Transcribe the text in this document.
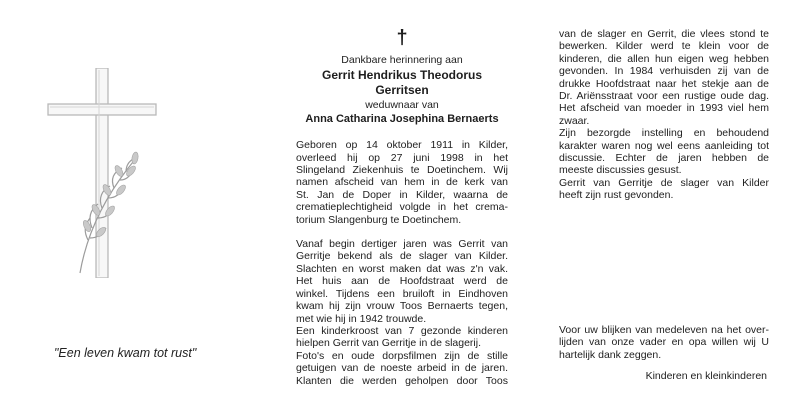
"Een leven kwam tot rust"
†

Dankbare herinnering aan

Gerrit Hendrikus Theodorus
Gerritsen

weduwnaar van

Anna Catharina Josephina Bernaerts

Geboren op 14 oktober 1911 in Kilder,
overleed hij op 27 juni 1998 in het
Slingeland Ziekenhuis te Doetinchem. Wij
namen afscheid van hem in de kerk van
St. Jan de Doper in Kilder, waarna de
crematieplechtigheid volgde in het crema-
torium Slangenburg te Doetinchem.
Vanaf begin dertiger jaren was Gerrit van
Gerritje bekend als de slager van Kilder.
Slachten en worst maken dat was z'n vak.
Het huis aan de Hoofdstraat werd de
winkel. Tijdens een bruiloft in Eindhoven
kwam hij zijn vrouw Toos Bernaerts tegen,
met wie hij in 1942 trouwde.
Een kinderkroost van 7 gezonde kinderen
hielpen Gerrit van Gerritje in de slagerij.
Foto's en oude dorpsfilmen zijn de stille
getuigen van de noeste arbeid in de jaren.
Klanten die werden geholpen door Toos
van de slager en Gerrit, die vlees stond te
bewerken. Kilder werd te klein voor de
kinderen, die allen hun eigen weg hebben
gevonden. In 1984 verhuisden zij van de
drukke Hoofdstraat naar het stekje aan de
Dr. Ariënsstraat voor een rustige oude dag.
Het afscheid van moeder in 1993 viel hem
zwaar.
Zijn bezorgde instelling en behoudend
karakter waren nog wel eens aanleiding tot
discussie. Echter de jaren hebben de
meeste discussies gesust.
Gerrit van Gerritje de slager van Kilder
heeft zijn rust gevonden.
Voor uw blijken van medeleven na het over-
lijden van onze vader en opa willen wij U
hartelijk dank zeggen.
Kinderen en kleinkinderen
